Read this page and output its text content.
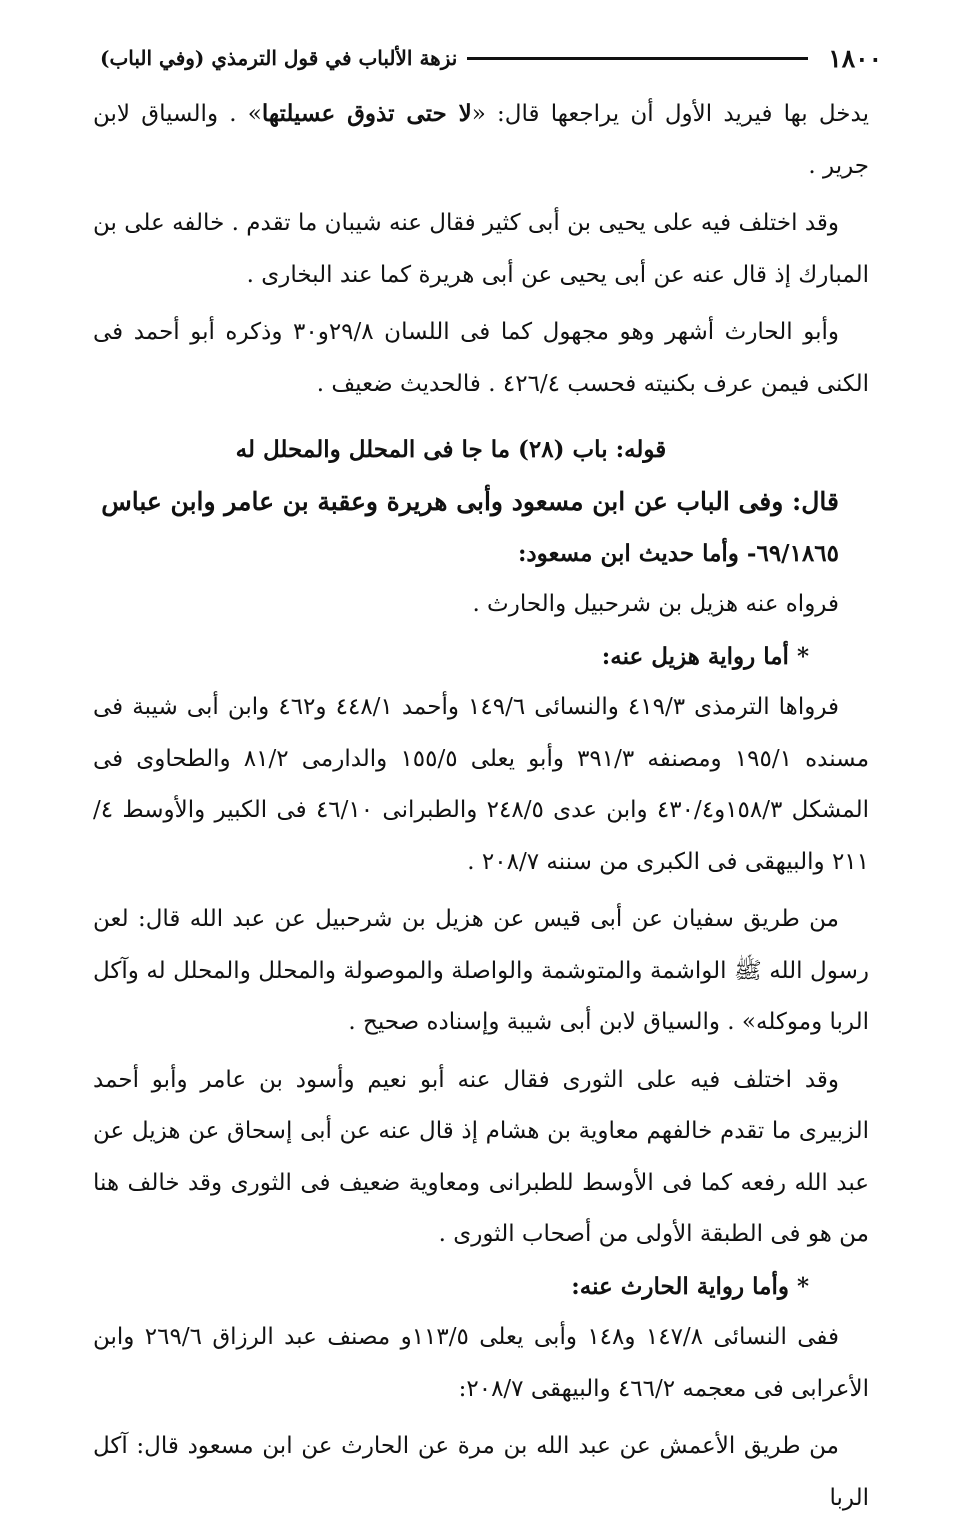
١٨٠٠
نزهة الألباب في قول الترمذي (وفي الباب)

يدخل بها فيريد الأول أن يراجعها قال: «لا حتى تذوق عسيلتها» . والسياق لابن جرير .

وقد اختلف فيه على يحيى بن أبى كثير فقال عنه شيبان ما تقدم . خالفه على بن المبارك إذ قال عنه عن أبى يحيى عن أبى هريرة كما عند البخارى .

وأبو الحارث أشهر وهو مجهول كما فى اللسان ٢٩/٨و٣٠ وذكره أبو أحمد فى الكنى فيمن عرف بكنيته فحسب ٤٢٦/٤ . فالحديث ضعيف .

قوله: باب (٢٨) ما جا فى المحلل والمحلل له

قال: وفى الباب عن ابن مسعود وأبى هريرة وعقبة بن عامر وابن عباس

٦٩/١٨٦٥- وأما حديث ابن مسعود:

فرواه عنه هزيل بن شرحبيل والحارث .

* أما رواية هزيل عنه:

فرواها الترمذى ٤١٩/٣ والنسائى ١٤٩/٦ وأحمد ٤٤٨/١ و٤٦٢ وابن أبى شيبة فى مسنده ١٩٥/١ ومصنفه ٣٩١/٣ وأبو يعلى ١٥٥/٥ والدارمى ٨١/٢ والطحاوى فى المشكل ١٥٨/٣و٤٣٠/٤ وابن عدى ٢٤٨/٥ والطبرانى ٤٦/١٠ فى الكبير والأوسط ٤/ ٢١١ والبيهقى فى الكبرى من سننه ٢٠٨/٧ .

من طريق سفيان عن أبى قيس عن هزيل بن شرحبيل عن عبد الله قال: لعن رسول الله ﷺ الواشمة والمتوشمة والواصلة والموصولة والمحلل والمحلل له وآكل الربا وموكله» . والسياق لابن أبى شيبة وإسناده صحيح .

وقد اختلف فيه على الثورى فقال عنه أبو نعيم وأسود بن عامر وأبو أحمد الزبيرى ما تقدم خالفهم معاوية بن هشام إذ قال عنه عن أبى إسحاق عن هزيل عن عبد الله رفعه كما فى الأوسط للطبرانى ومعاوية ضعيف فى الثورى وقد خالف هنا من هو فى الطبقة الأولى من أصحاب الثورى .

* وأما رواية الحارث عنه:

ففى النسائى ١٤٧/٨ و١٤٨ وأبى يعلى ١١٣/٥و مصنف عبد الرزاق ٢٦٩/٦ وابن الأعرابى فى معجمه ٤٦٦/٢ والبيهقى ٢٠٨/٧:

من طريق الأعمش عن عبد الله بن مرة عن الحارث عن ابن مسعود قال: آكل الربا
